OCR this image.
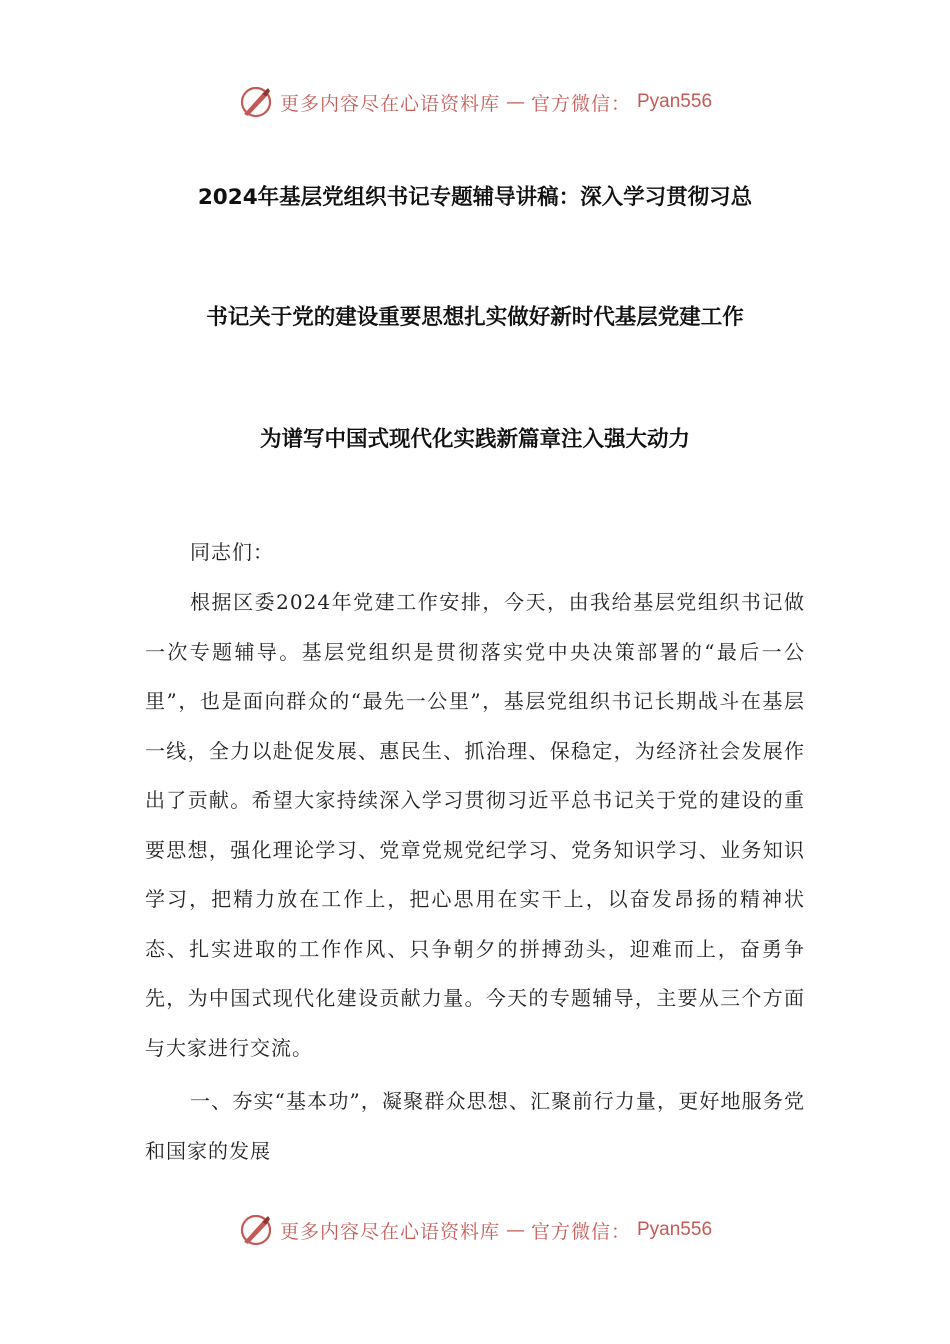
更多内容尽在心语资料库 — 官方微信： Pyan556
2024年基层党组织书记专题辅导讲稿：深入学习贯彻习总
书记关于党的建设重要思想扎实做好新时代基层党建工作
为谱写中国式现代化实践新篇章注入强大动力
同志们：
根据区委2024年党建工作安排，今天，由我给基层党组织书记做一次专题辅导。基层党组织是贯彻落实党中央决策部署的“最后一公里”，也是面向群众的“最先一公里”，基层党组织书记长期战斗在基层一线，全力以赴促发展、惠民生、抓治理、保稳定，为经济社会发展作出了贡献。希望大家持续深入学习贯彻习近平总书记关于党的建设的重要思想，强化理论学习、党章党规党纪学习、党务知识学习、业务知识学习，把精力放在工作上，把心思用在实干上，以奋发昂扬的精神状态、扎实进取的工作作风、只争朝夕的拼搏劲头，迎难而上，奋勇争先，为中国式现代化建设贡献力量。今天的专题辅导，主要从三个方面与大家进行交流。
一、夯实“基本功”，凝聚群众思想、汇聚前行力量，更好地服务党和国家的发展
更多内容尽在心语资料库 — 官方微信： Pyan556
